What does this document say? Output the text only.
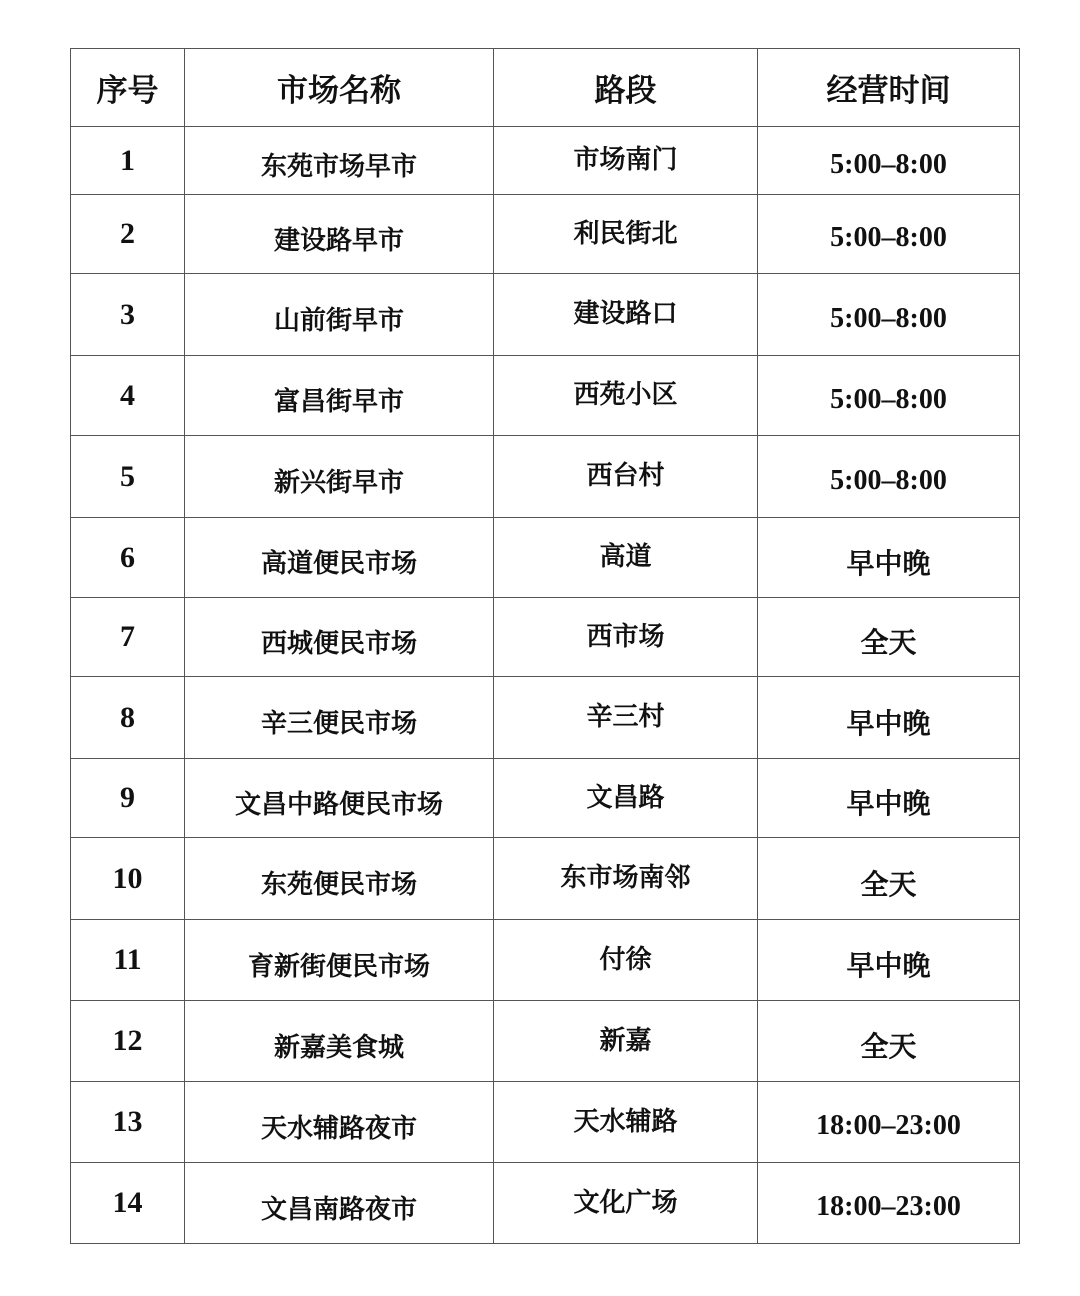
序号	市场名称	路段	经营时间
1	东苑市场早市	市场南门	5:00–8:00
2	建设路早市	利民街北	5:00–8:00
3	山前街早市	建设路口	5:00–8:00
4	富昌街早市	西苑小区	5:00–8:00
5	新兴街早市	西台村	5:00–8:00
6	高道便民市场	高道	早中晚
7	西城便民市场	西市场	全天
8	辛三便民市场	辛三村	早中晚
9	文昌中路便民市场	文昌路	早中晚
10	东苑便民市场	东市场南邻	全天
11	育新街便民市场	付徐	早中晚
12	新嘉美食城	新嘉	全天
13	天水辅路夜市	天水辅路	18:00–23:00
14	文昌南路夜市	文化广场	18:00–23:00
